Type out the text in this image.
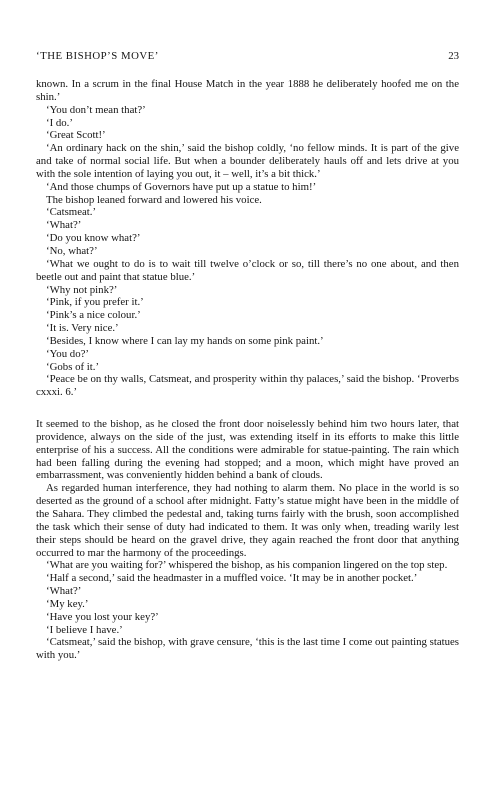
‘THE BISHOP’S MOVE’	23

known. In a scrum in the final House Match in the year 1888 he deliberately hoofed me on the shin.’

‘You don’t mean that?’

‘I do.’

‘Great Scott!’

‘An ordinary hack on the shin,’ said the bishop coldly, ‘no fellow minds. It is part of the give and take of normal social life. But when a bounder deliberately hauls off and lets drive at you with the sole intention of laying you out, it – well, it’s a bit thick.’

‘And those chumps of Governors have put up a statue to him!’

The bishop leaned forward and lowered his voice.

‘Catsmeat.’

‘What?’

‘Do you know what?’

‘No, what?’

‘What we ought to do is to wait till twelve o’clock or so, till there’s no one about, and then beetle out and paint that statue blue.’

‘Why not pink?’

‘Pink, if you prefer it.’

‘Pink’s a nice colour.’

‘It is. Very nice.’

‘Besides, I know where I can lay my hands on some pink paint.’

‘You do?’

‘Gobs of it.’

‘Peace be on thy walls, Catsmeat, and prosperity within thy palaces,’ said the bishop. ‘Proverbs cxxxi. 6.’

It seemed to the bishop, as he closed the front door noiselessly behind him two hours later, that providence, always on the side of the just, was extending itself in its efforts to make this little enterprise of his a success. All the conditions were admirable for statue-painting. The rain which had been falling during the evening had stopped; and a moon, which might have proved an embarrassment, was conveniently hidden behind a bank of clouds.

As regarded human interference, they had nothing to alarm them. No place in the world is so deserted as the ground of a school after midnight. Fatty’s statue might have been in the middle of the Sahara. They climbed the pedestal and, taking turns fairly with the brush, soon accomplished the task which their sense of duty had indicated to them. It was only when, treading warily lest their steps should be heard on the gravel drive, they again reached the front door that anything occurred to mar the harmony of the proceedings.

‘What are you waiting for?’ whispered the bishop, as his companion lingered on the top step.

‘Half a second,’ said the headmaster in a muffled voice. ‘It may be in another pocket.’

‘What?’

‘My key.’

‘Have you lost your key?’

‘I believe I have.’

‘Catsmeat,’ said the bishop, with grave censure, ‘this is the last time I come out painting statues with you.’
